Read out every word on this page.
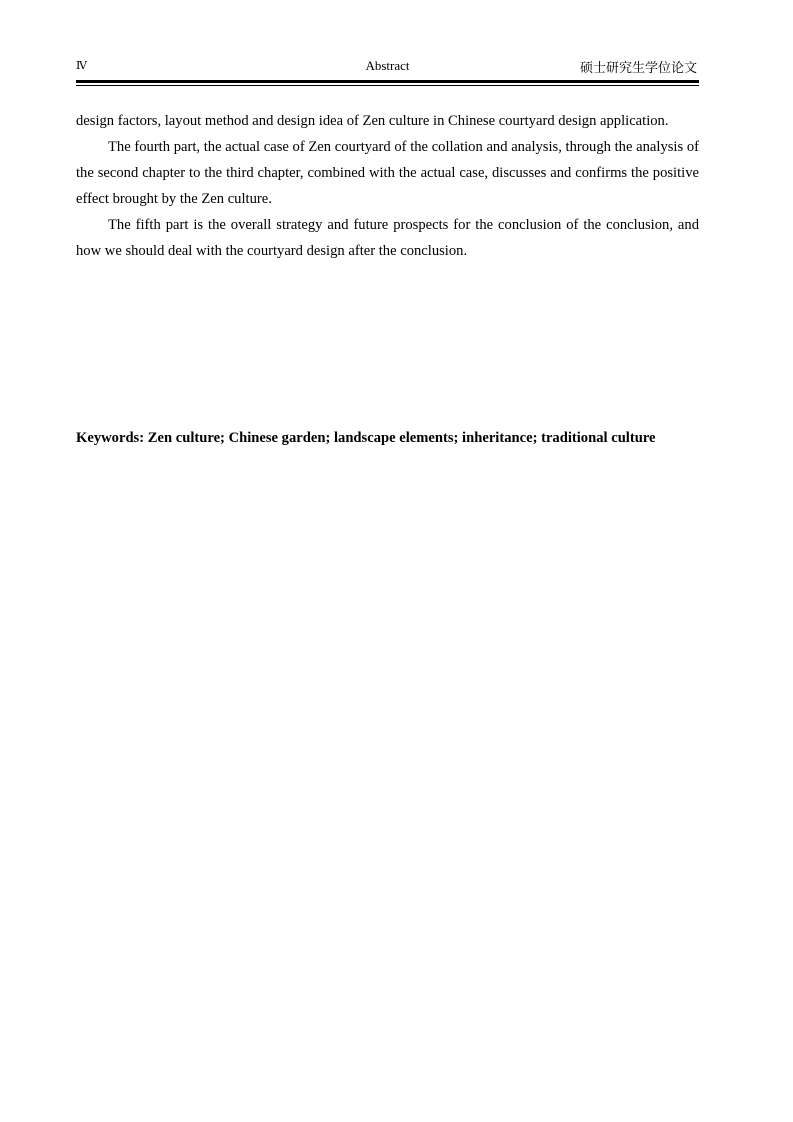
Ⅳ	Abstract	硕士研究生学位论文

design factors, layout method and design idea of Zen culture in Chinese courtyard design application.

The fourth part, the actual case of Zen courtyard of the collation and analysis, through the analysis of the second chapter to the third chapter, combined with the actual case, discusses and confirms the positive effect brought by the Zen culture.

The fifth part is the overall strategy and future prospects for the conclusion of the conclusion, and how we should deal with the courtyard design after the conclusion.

Keywords: Zen culture; Chinese garden; landscape elements; inheritance; traditional culture
